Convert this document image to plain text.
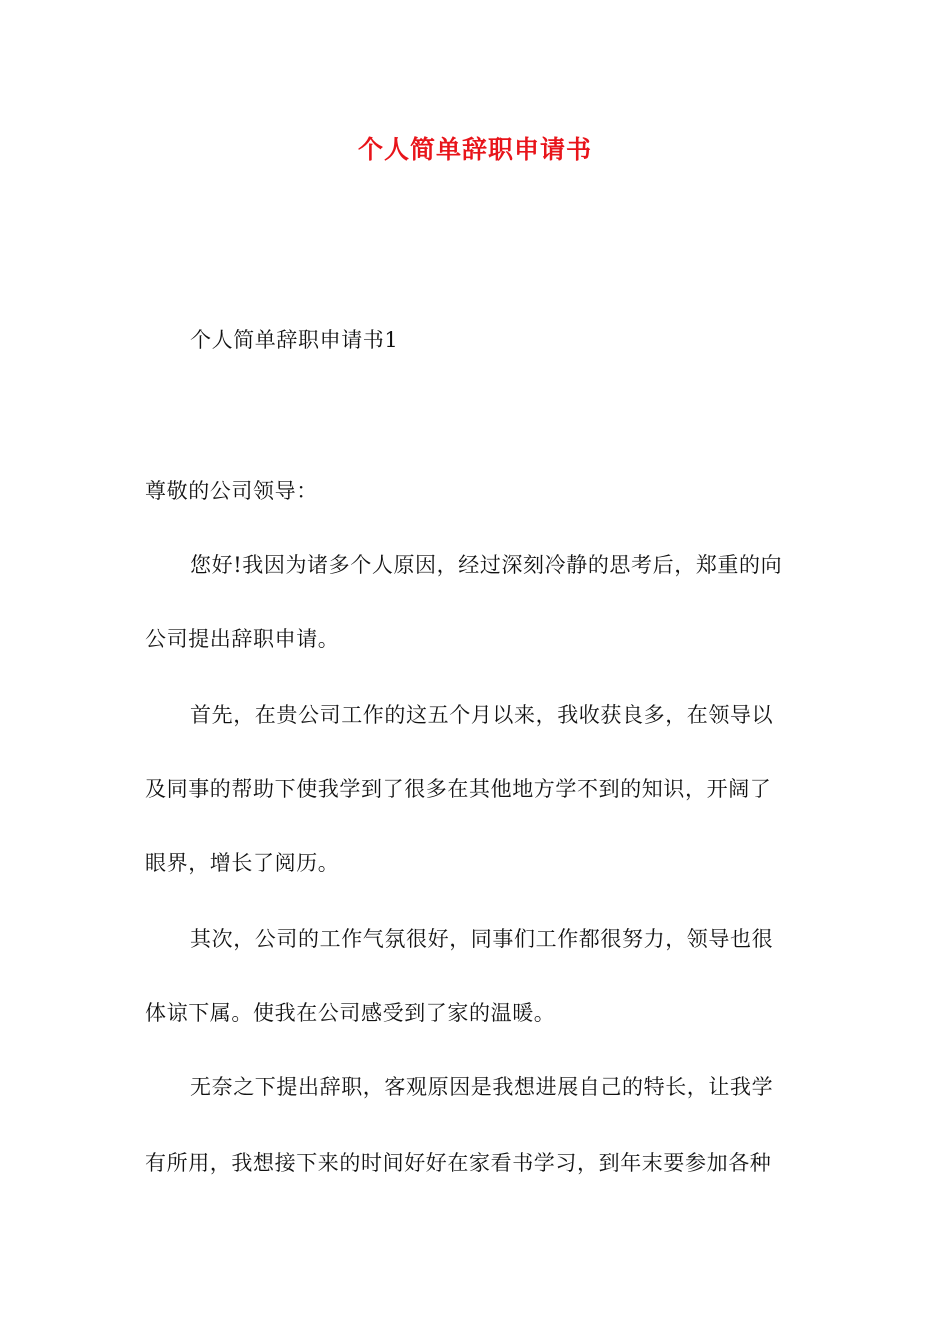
个人简单辞职申请书
个人简单辞职申请书1
尊敬的公司领导：
您好!我因为诸多个人原因，经过深刻冷静的思考后，郑重的向
公司提出辞职申请。
首先，在贵公司工作的这五个月以来，我收获良多，在领导以
及同事的帮助下使我学到了很多在其他地方学不到的知识，开阔了
眼界，增长了阅历。
其次，公司的工作气氛很好，同事们工作都很努力，领导也很
体谅下属。使我在公司感受到了家的温暖。
无奈之下提出辞职，客观原因是我想进展自己的特长，让我学
有所用，我想接下来的时间好好在家看书学习，到年末要参加各种
